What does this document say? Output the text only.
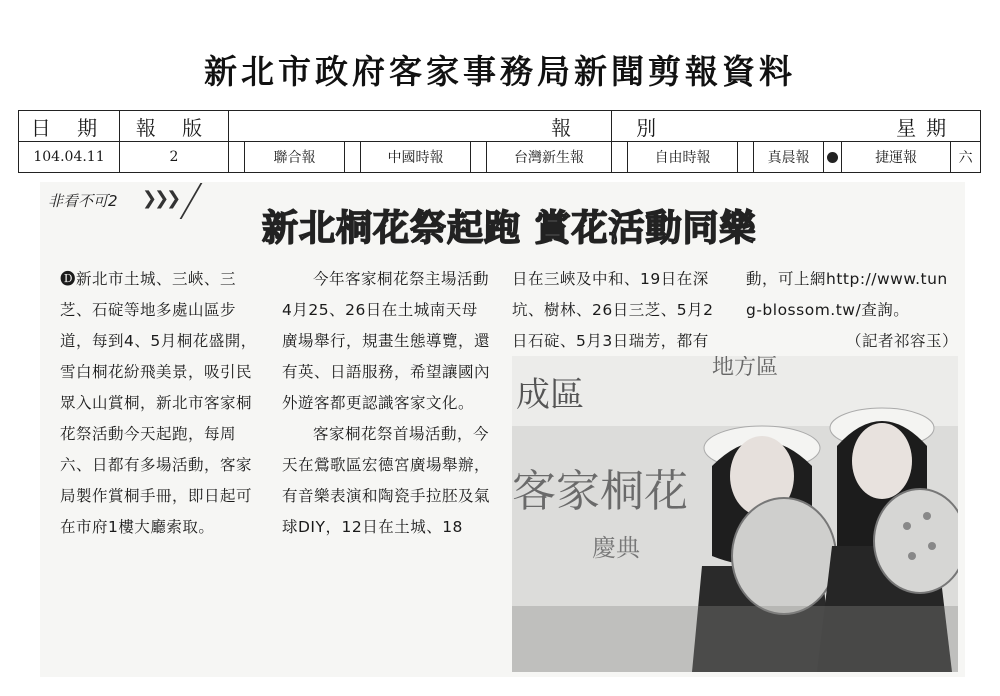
新北市政府客家事務局新聞剪報資料
日 期	報 版	報						別 星期						
104.04.11	2		聯合報		中國時報		台灣新生報		自由時報		真晨報		捷運報	六
非看不可2 ❯❯❯
新北桐花祭起跑 賞花活動同樂

🅓新北市土城、三峽、三芝、石碇等地多處山區步道，每到4、5月桐花盛開，雪白桐花紛飛美景，吸引民眾入山賞桐，新北市客家桐花祭活動今天起跑，每周六、日都有多場活動，客家局製作賞桐手冊，即日起可在市府1樓大廳索取。

今年客家桐花祭主場活動4月25、26日在土城南天母廣場舉行，規畫生態導覽，還有英、日語服務，希望讓國內外遊客都更認識客家文化。

客家桐花祭首場活動，今天在鶯歌區宏德宮廣場舉辦，有音樂表演和陶瓷手拉胚及氣球DIY，12日在土城、18

日在三峽及中和、19日在深坑、樹林、26日三芝、5月2日石碇、5月3日瑞芳，都有

動，可上網http://www.tung-blossom.tw/查詢。

（記者祁容玉）

成區
地方區
客家桐花
慶典
